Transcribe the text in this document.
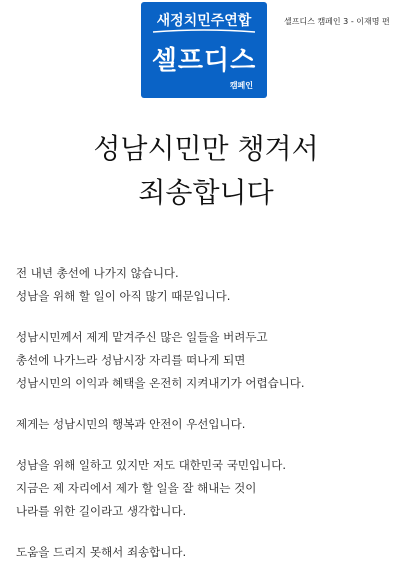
새정치민주연합
셀프디스
캠페인
셀프디스 캠페인 3 - 이재명 편
성남시민만 챙겨서
죄송합니다
전 내년 총선에 나가지 않습니다.
성남을 위해 할 일이 아직 많기 때문입니다.
성남시민께서 제게 맡겨주신 많은 일들을 버려두고
총선에 나가느라 성남시장 자리를 떠나게 되면
성남시민의 이익과 혜택을 온전히 지켜내기가 어렵습니다.
제게는 성남시민의 행복과 안전이 우선입니다.
성남을 위해 일하고 있지만 저도 대한민국 국민입니다.
지금은 제 자리에서 제가 할 일을 잘 해내는 것이
나라를 위한 길이라고 생각합니다.
도움을 드리지 못해서 죄송합니다.
